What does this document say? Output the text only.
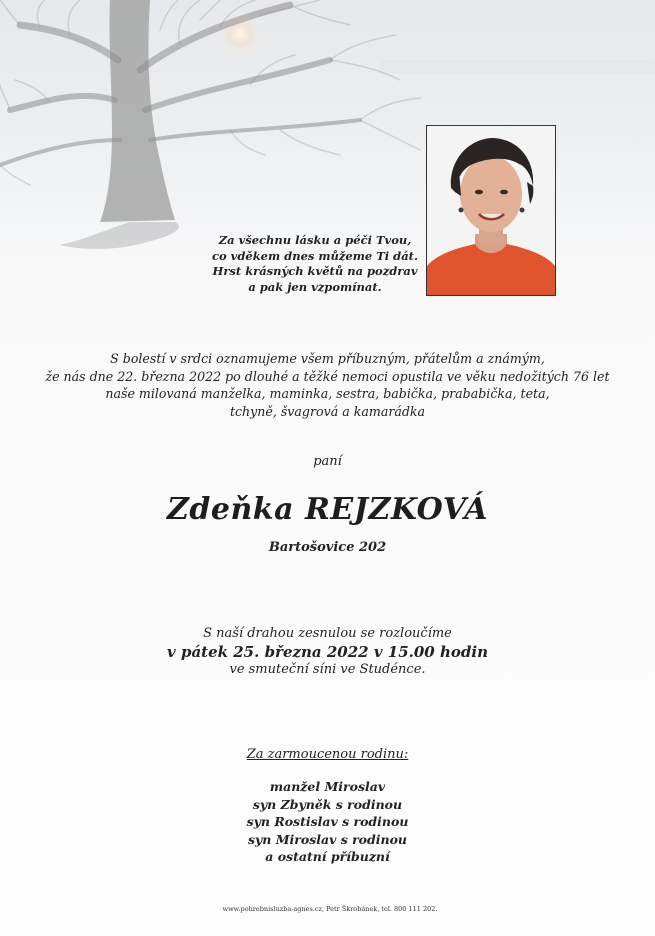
Za všechnu lásku a péči Tvou,
co vděkem dnes můžeme Ti dát.
Hrst krásných květů na pozdrav
a pak jen vzpomínat.
S bolestí v srdci oznamujeme všem příbuzným, přátelům a známým,
že nás dne 22. března 2022 po dlouhé a těžké nemoci opustila ve věku nedožitých 76 let
naše milovaná manželka, maminka, sestra, babička, prababička, teta,
tchyně, švagrová a kamarádka
paní
Zdeňka REJZKOVÁ
Bartošovice 202
S naší drahou zesnulou se rozloučíme
v pátek 25. března 2022 v 15.00 hodin
ve smuteční síni ve Studénce.
Za zarmoucenou rodinu:
manžel Miroslav
syn Zbyněk s rodinou
syn Rostislav s rodinou
syn Miroslav s rodinou
a ostatní příbuzní
www.pohrebnisluzba-agnes.cz, Petr Škrobánek, tel. 800 111 202.
